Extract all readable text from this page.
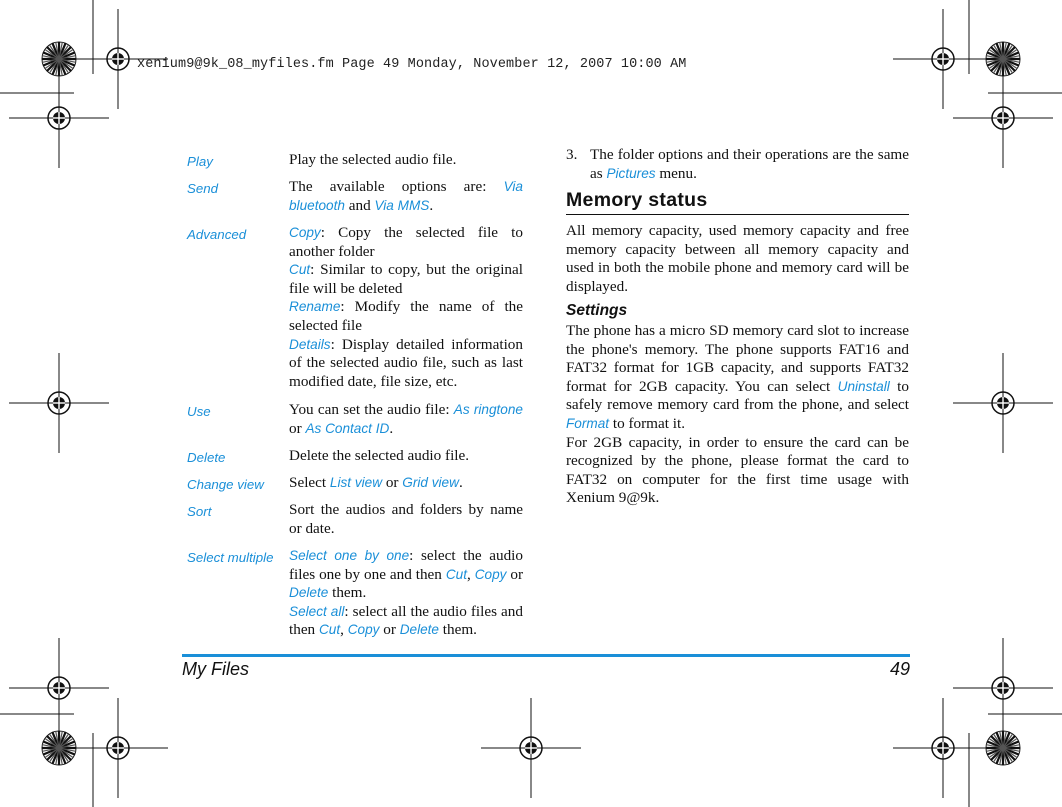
xenium9@9k_08_myfiles.fm Page 49 Monday, November 12, 2007 10:00 AM
Play	Play the selected audio file.

Send	The available options are: Via bluetooth and Via MMS.

Advanced	Copy: Copy the selected file to another folder

Cut: Similar to copy, but the original file will be deleted

Rename: Modify the name of the selected file

Details: Display detailed information of the selected audio file, such as last modified date, file size, etc.

Use	You can set the audio file: As ringtone or As Contact ID.

Delete	Delete the selected audio file.

Change view	Select List view or Grid view.

Sort	Sort the audios and folders by name or date.

Select multiple	Select one by one: select the audio files one by one and then Cut, Copy or Delete them.

Select all: select all the audio files and then Cut, Copy or Delete them.

3. The folder options and their operations are the same as Pictures menu.
Memory status

All memory capacity, used memory capacity and free memory capacity between all memory capacity and used in both the mobile phone and memory card will be displayed.

Settings

The phone has a micro SD memory card slot to increase the phone's memory. The phone supports FAT16 and FAT32 format for 1GB capacity, and supports FAT32 format for 2GB capacity. You can select Uninstall to safely remove memory card from the phone, and select Format to format it.

For 2GB capacity, in order to ensure the card can be recognized by the phone, please format the card to FAT32 on computer for the first time usage with Xenium 9@9k.

My Files	49
